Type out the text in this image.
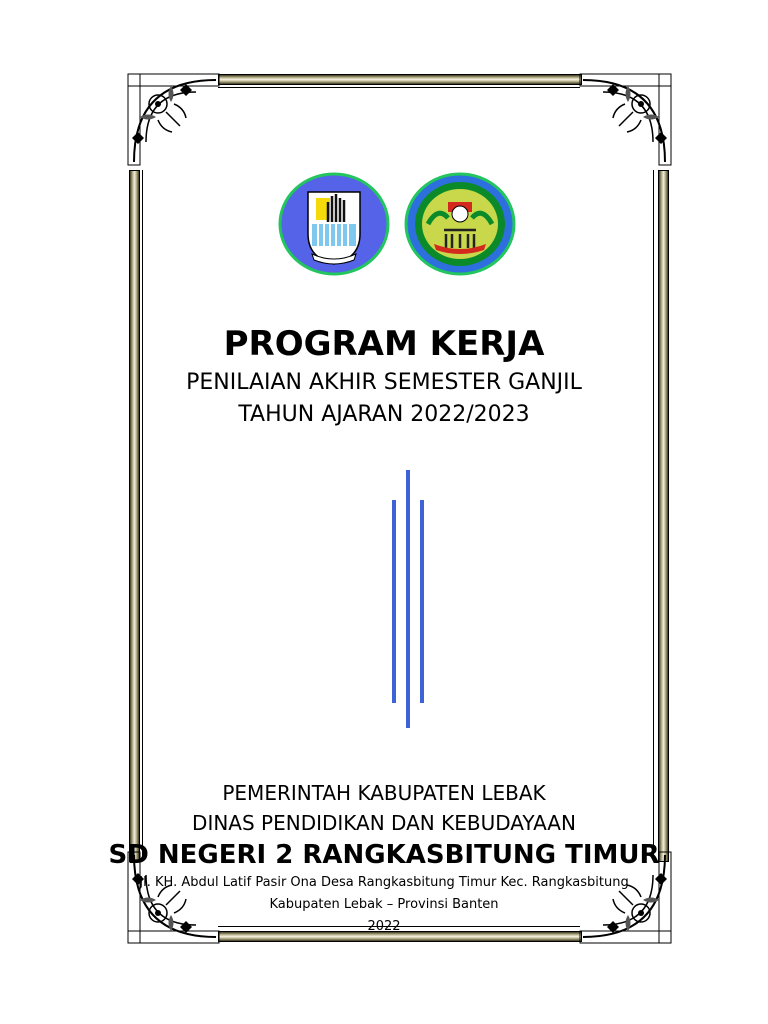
PROGRAM KERJA
PENILAIAN AKHIR SEMESTER GANJIL
TAHUN AJARAN 2022/2023
PEMERINTAH KABUPATEN LEBAK
DINAS PENDIDIKAN DAN KEBUDAYAAN
SD NEGERI 2 RANGKASBITUNG TIMUR
Jl. KH. Abdul Latif Pasir Ona Desa Rangkasbitung Timur Kec. Rangkasbitung
Kabupaten Lebak – Provinsi Banten
2022
